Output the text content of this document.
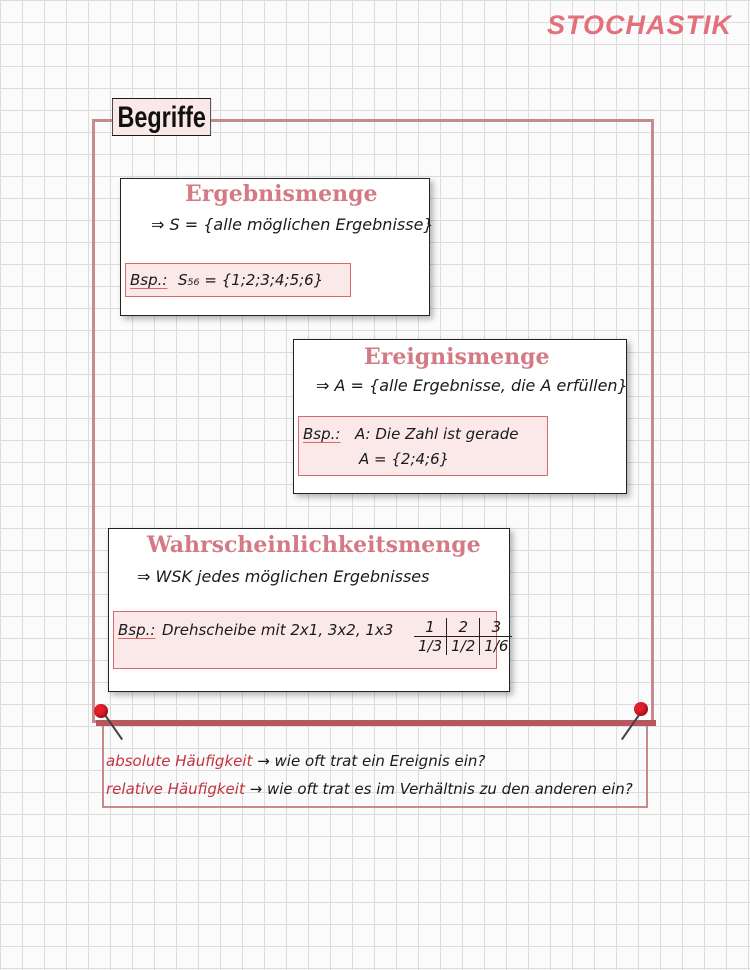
STOCHASTIK
Begriffe
Ergebnismenge
⇒ S = {alle möglichen Ergebnisse}
Bsp.: S₅₆ = {1;2;3;4;5;6}
Ereignismenge
⇒ A = {alle Ergebnisse, die A erfüllen}
Bsp.: A: Die Zahl ist gerade
A = {2;4;6}
Wahrscheinlichkeitsmenge
⇒ WSK jedes möglichen Ergebnisses
Bsp.: Drehscheibe mit 2x1, 3x2, 1x3 1	2	3
1/3	1/2	1/6
absolute Häufigkeit → wie oft trat ein Ereignis ein?
relative Häufigkeit → wie oft trat es im Verhältnis zu den anderen ein?
